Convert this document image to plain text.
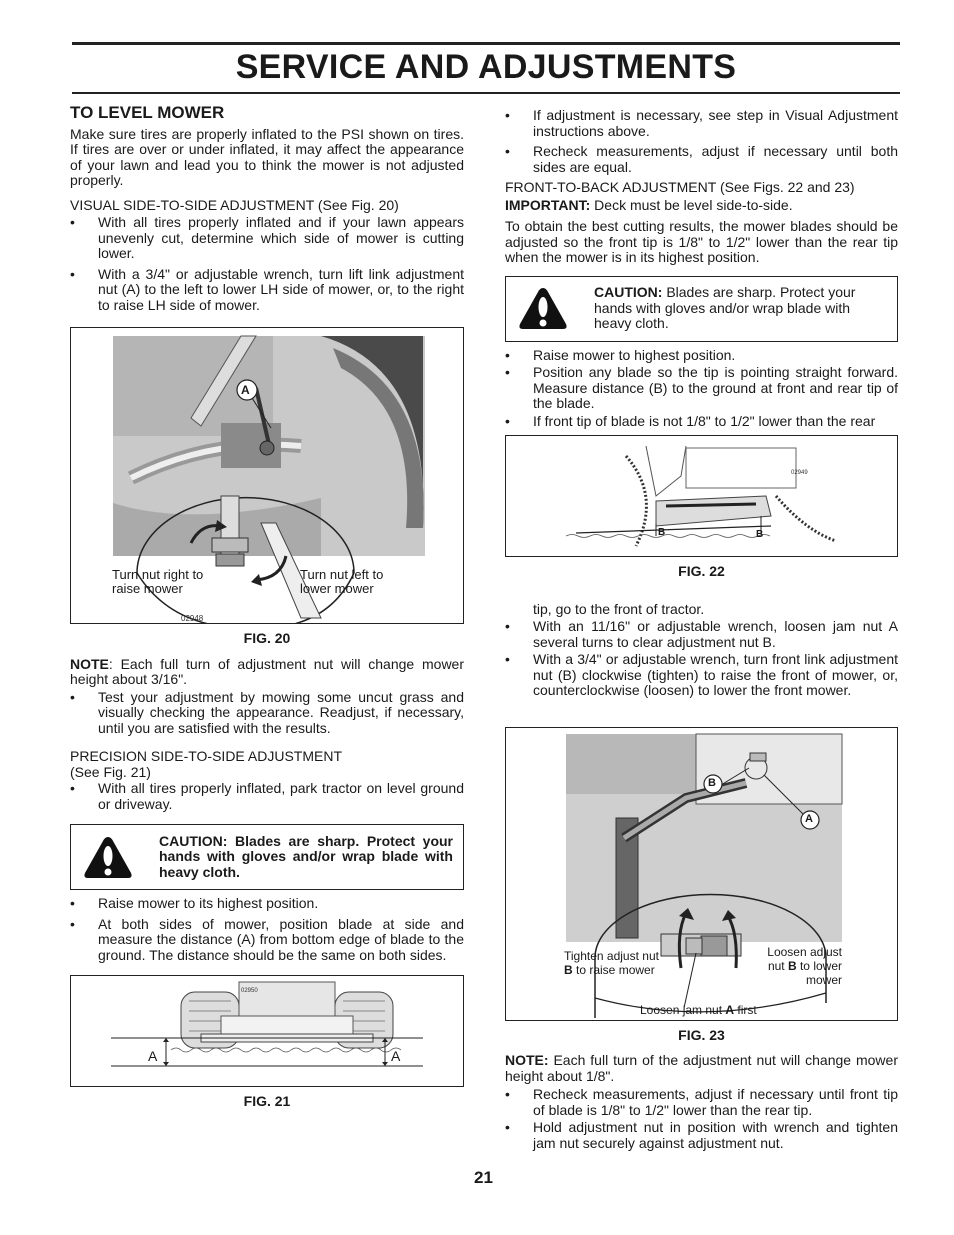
SERVICE AND ADJUSTMENTS
TO LEVEL MOWER

Make sure tires are properly inflated to the PSI shown on tires. If tires are over or under inflated, it may affect the appearance of your lawn and lead you to think the mower is not adjusted properly.

VISUAL SIDE-TO-SIDE ADJUSTMENT (See Fig. 20)

• With all tires properly inflated and if your lawn appears unevenly cut, determine which side of mower is cutting lower.
• With a 3/4" or adjustable wrench, turn lift link adjustment nut (A) to the left to lower LH side of mower, or, to the right to raise LH side of mower.
A
Turn nut right to raise mower
Turn nut left to lower mower
02948
FIG. 20

NOTE: Each full turn of adjustment nut will change mower height about 3/16".

• Test your adjustment by mowing some uncut grass and visually checking the appearance. Readjust, if necessary, until you are satisfied with the results.

PRECISION SIDE-TO-SIDE ADJUSTMENT

(See Fig. 21)

• With all tires properly inflated, park tractor on level ground or driveway.
CAUTION: Blades are sharp. Protect your hands with gloves and/or wrap blade with heavy cloth.
• Raise mower to its highest position.
• At both sides of mower, position blade at side and measure the distance (A) from bottom edge of blade to the ground. The distance should be the same on both sides.
A	A
02950
FIG. 21
• If adjustment is necessary, see step in Visual Adjustment instructions above.
• Recheck measurements, adjust if necessary until both sides are equal.

FRONT-TO-BACK ADJUSTMENT (See Figs. 22 and 23)

IMPORTANT: Deck must be level side-to-side.

To obtain the best cutting results, the mower blades should be adjusted so the front tip is 1/8" to 1/2" lower than the rear tip when the mower is in its highest position.

CAUTION: Blades are sharp. Protect your hands with gloves and/or wrap blade with heavy cloth.
• Raise mower to highest position.
• Position any blade so the tip is pointing straight forward. Measure distance (B) to the ground at front and rear tip of the blade.
• If front tip of blade is not 1/8" to 1/2" lower than the rear
B	B
02949
FIG. 22

tip, go to the front of tractor.

• With an 11/16" or adjustable wrench, loosen jam nut A several turns to clear adjustment nut B.
• With a 3/4" or adjustable wrench, turn front link adjustment nut (B) clockwise (tighten) to raise the front of mower, or, counterclockwise (loosen) to lower the front mower.
B
A
Tighten adjust nut
B to raise mower
Loosen adjust nut B to lower mower
Loosen jam nut A first
FIG. 23

NOTE: Each full turn of the adjustment nut will change mower height about 1/8".

• Recheck measurements, adjust if necessary until front tip of blade is 1/8" to 1/2" lower than the rear tip.
• Hold adjustment nut in position with wrench and tighten jam nut securely against adjustment nut.
21
